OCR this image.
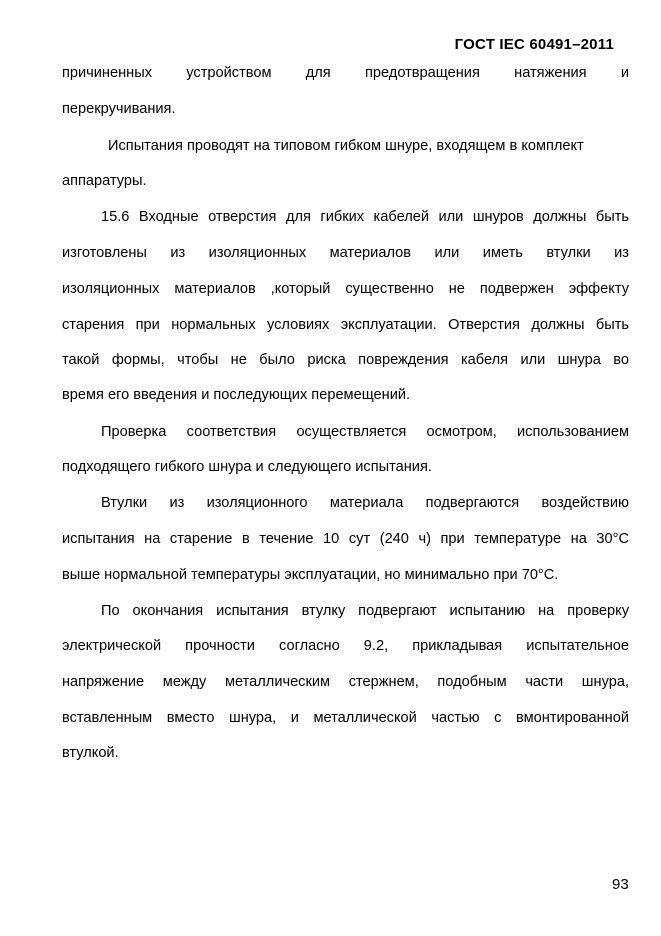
ГОСТ IEC 60491–2011
причиненных устройством для предотвращения натяжения и
перекручивания.
Испытания проводят на типовом гибком шнуре, входящем в комплект
аппаратуры.
15.6 Входные отверстия для гибких кабелей или шнуров должны быть
изготовлены из изоляционных материалов или иметь втулки из
изоляционных материалов ,который существенно не подвержен эффекту
старения при нормальных условиях эксплуатации. Отверстия должны быть
такой формы, чтобы не было риска повреждения кабеля или шнура во
время его введения и последующих перемещений.
Проверка соответствия осуществляется осмотром, использованием
подходящего гибкого шнура и следующего испытания.
Втулки из изоляционного материала подвергаются воздействию
испытания на старение в течение 10 сут (240 ч) при температуре на 30°С
выше нормальной температуры эксплуатации, но минимально при 70°С.
По окончания испытания втулку подвергают испытанию на проверку
электрической прочности согласно 9.2, прикладывая испытательное
напряжение между металлическим стержнем, подобным части шнура,
вставленным вместо шнура, и металлической частью с вмонтированной
втулкой.
93
